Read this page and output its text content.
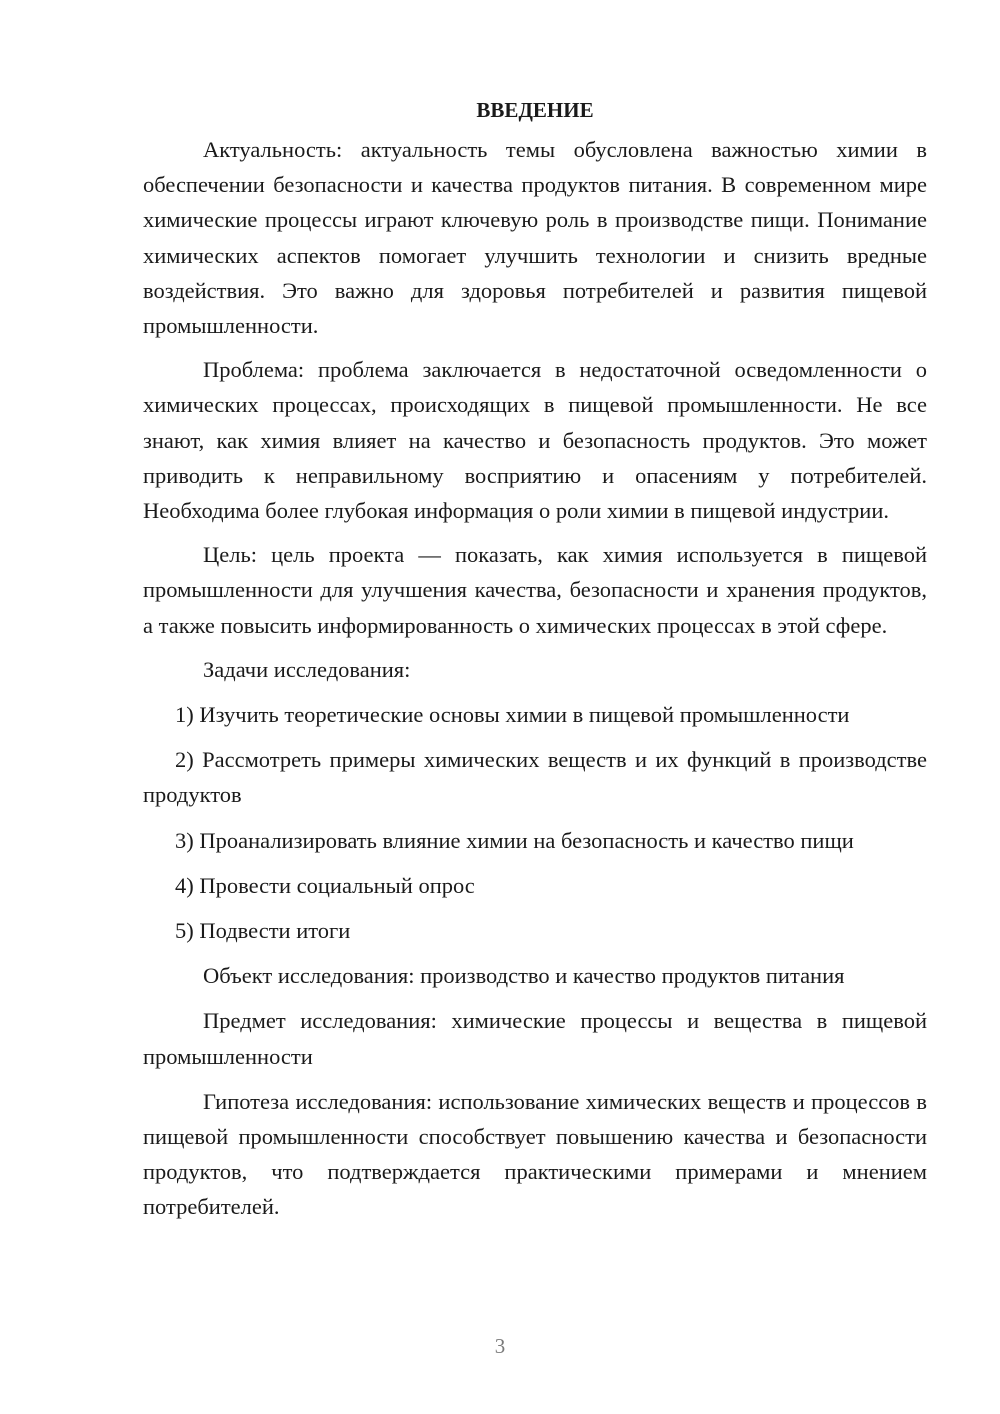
ВВЕДЕНИЕ

Актуальность: актуальность темы обусловлена важностью химии в обеспечении безопасности и качества продуктов питания. В современном мире химические процессы играют ключевую роль в производстве пищи. Понимание химических аспектов помогает улучшить технологии и снизить вредные воздействия. Это важно для здоровья потребителей и развития пищевой промышленности.

Проблема: проблема заключается в недостаточной осведомленности о химических процессах, происходящих в пищевой промышленности. Не все знают, как химия влияет на качество и безопасность продуктов. Это может приводить к неправильному восприятию и опасениям у потребителей. Необходима более глубокая информация о роли химии в пищевой индустрии.

Цель: цель проекта — показать, как химия используется в пищевой промышленности для улучшения качества, безопасности и хранения продуктов, а также повысить информированность о химических процессах в этой сфере.

Задачи исследования:

1) Изучить теоретические основы химии в пищевой промышленности

2) Рассмотреть примеры химических веществ и их функций в производстве продуктов

3) Проанализировать влияние химии на безопасность и качество пищи

4) Провести социальный опрос

5) Подвести итоги

Объект исследования: производство и качество продуктов питания

Предмет исследования: химические процессы и вещества в пищевой промышленности

Гипотеза исследования: использование химических веществ и процессов в пищевой промышленности способствует повышению качества и безопасности продуктов, что подтверждается практическими примерами и мнением потребителей.

3
